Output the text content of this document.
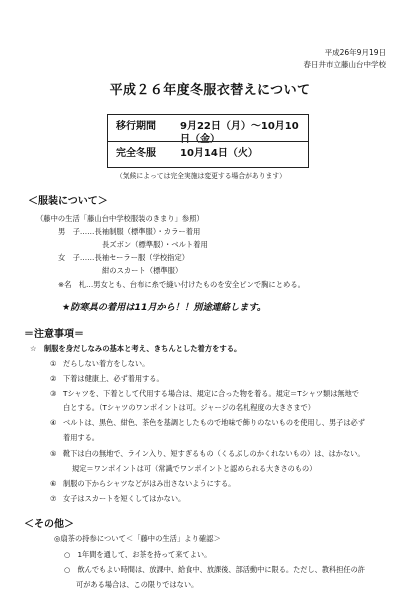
平成26年9月19日
春日井市立藤山台中学校
平成２６年度冬服衣替えについて
移行期間 9月22日（月）～10月10日（金）
完全冬服 10月14日（火）
（気候によっては完全実施は変更する場合があります）
＜服装について＞
（藤中の生活「藤山台中学校服装のきまり」参照）
男　子……長袖制服（標準服）・カラー着用
長ズボン（標準服）・ベルト着用
女　子……長袖セーラー服（学校指定）
紺のスカート（標準服）
※名　札…男女とも、台布に糸で縫い付けたものを安全ピンで胸にとめる。
★防寒具の着用は11月から！！別途連絡します。
＝注意事項＝
☆　制服を身だしなみの基本と考え、きちんとした着方をする。
① だらしない着方をしない。
② 下着は健康上、必ず着用する。
③ Tシャツを、下着として代用する場合は、規定に合った物を着る。規定＝Tシャツ類は無地で
白とする。（Tシャツのワンポイントは可。ジャージの名札程度の大きさまで）
④ ベルトは、黒色、紺色、茶色を基調としたもので地味で飾りのないものを使用し、男子は必ず
着用する。
⑤ 靴下は白の無地で、ライン入り、短すぎるもの（くるぶしのかくれないもの）は、はかない。
規定＝ワンポイントは可（常識でワンポイントと認められる大きさのもの）
⑥ 制服の下からシャツなどがはみ出さないようにする。
⑦ 女子はスカートを短くしてはかない。
＜その他＞
◎扇茶の持参について＜「藤中の生活」より確認＞
○　1年間を通して、お茶を持って来てよい。
○　飲んでもよい時間は、放課中、給食中、放課後、部活動中に限る。ただし、教科担任の許
可がある場合は、この限りではない。
